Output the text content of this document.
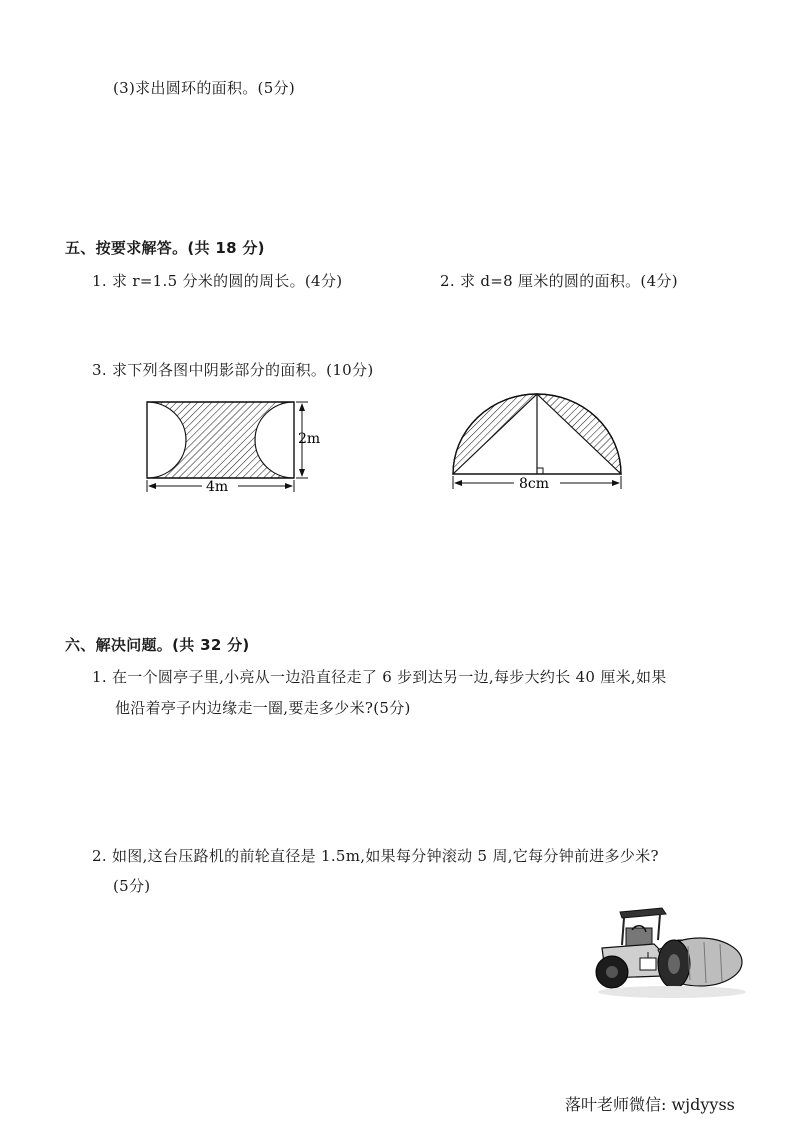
(3)求出圆环的面积。(5分)
五、按要求解答。(共 18 分)
1. 求 r=1.5 分米的圆的周长。(4分)	2. 求 d=8 厘米的圆的面积。(4分)
3. 求下列各图中阴影部分的面积。(10分)
2m
4m	8cm
六、解决问题。(共 32 分)
1. 在一个圆亭子里,小亮从一边沿直径走了 6 步到达另一边,每步大约长 40 厘米,如果
他沿着亭子内边缘走一圈,要走多少米?(5分)
2. 如图,这台压路机的前轮直径是 1.5m,如果每分钟滚动 5 周,它每分钟前进多少米?
(5分)
落叶老师微信: wjdyyss
